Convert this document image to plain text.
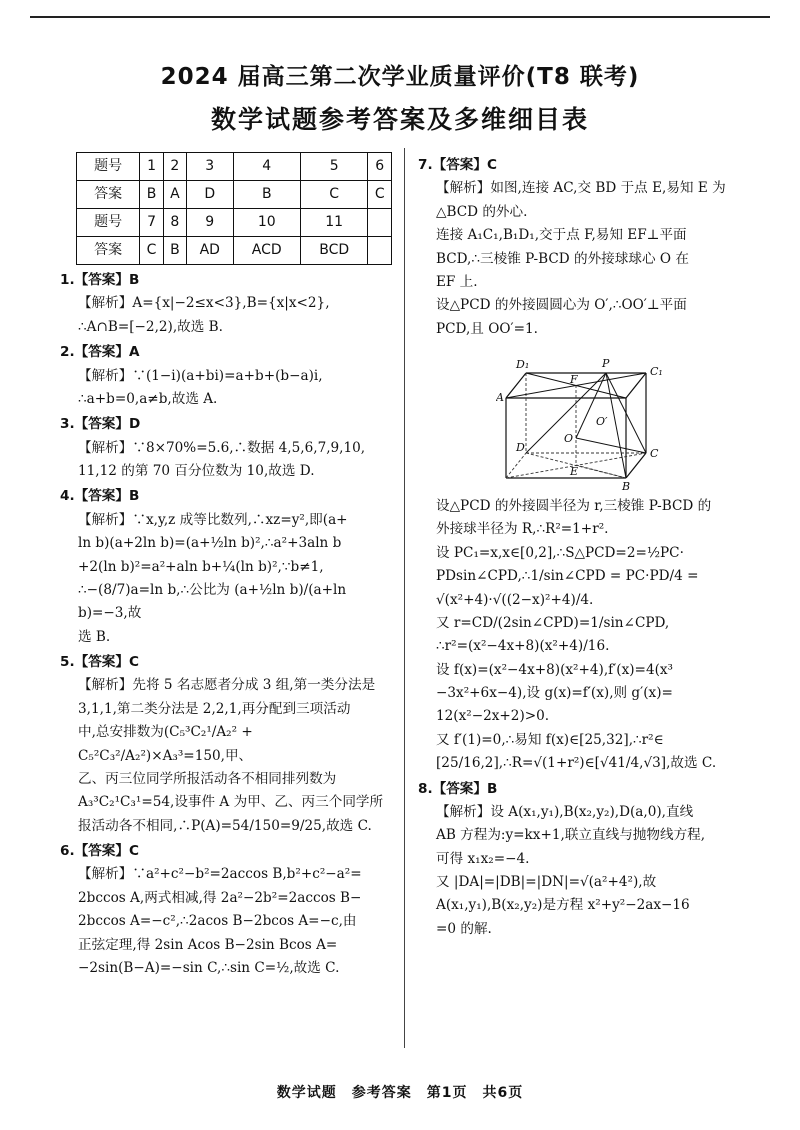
2024 届高三第二次学业质量评价(T8 联考)
数学试题参考答案及多维细目表
题号	1	2	3	4	5	6
答案	B	A	D	B	C	C
题号	7	8	9	10	11	
答案	C	B	AD	ACD	BCD	
1.【答案】B
【解析】A={x|−2≤x<3},B={x|x<2},
∴A∩B=[−2,2),故选 B.
2.【答案】A
【解析】∵(1−i)(a+bi)=a+b+(b−a)i,
∴a+b=0,a≠b,故选 A.
3.【答案】D
【解析】∵8×70%=5.6,∴数据 4,5,6,7,9,10,
11,12 的第 70 百分位数为 10,故选 D.
4.【答案】B
【解析】∵x,y,z 成等比数列,∴xz=y²,即(a+
ln b)(a+2ln b)=(a+½ln b)²,∴a²+3aln b
+2(ln b)²=a²+aln b+¼(ln b)²,∵b≠1,
∴−(8/7)a=ln b,∴公比为 (a+½ln b)/(a+ln b)=−3,故
选 B.
5.【答案】C
【解析】先将 5 名志愿者分成 3 组,第一类分法是
3,1,1,第二类分法是 2,2,1,再分配到三项活动
中,总安排数为(C₅³C₂¹/A₂² + C₅²C₃²/A₂²)×A₃³=150,甲、
乙、丙三位同学所报活动各不相同排列数为
A₃³C₂¹C₃¹=54,设事件 A 为甲、乙、丙三个同学所
报活动各不相同,∴P(A)=54/150=9/25,故选 C.
6.【答案】C
【解析】∵a²+c²−b²=2accos B,b²+c²−a²=
2bccos A,两式相减,得 2a²−2b²=2accos B−
2bccos A=−c²,∴2acos B−2bcos A=−c,由
正弦定理,得 2sin Acos B−2sin Bcos A=
−2sin(B−A)=−sin C,∴sin C=½,故选 C.
7.【答案】C
【解析】如图,连接 AC,交 BD 于点 E,易知 E 为
△BCD 的外心.
连接 A₁C₁,B₁D₁,交于点 F,易知 EF⊥平面
BCD,∴三棱锥 P-BCD 的外接球球心 O 在
EF 上.
设△PCD 的外接圆圆心为 O′,∴OO′⊥平面
PCD,且 OO′=1.
D₁	P
C₁
F
A
O′
O
D
E
C
B
设△PCD 的外接圆半径为 r,三棱锥 P-BCD 的
外接球半径为 R,∴R²=1+r².
设 PC₁=x,x∈[0,2],∴S△PCD=2=½PC·
PDsin∠CPD,∴1/sin∠CPD = PC·PD/4 =
√(x²+4)·√((2−x)²+4)/4.
又 r=CD/(2sin∠CPD)=1/sin∠CPD,
∴r²=(x²−4x+8)(x²+4)/16.
设 f(x)=(x²−4x+8)(x²+4),f′(x)=4(x³
−3x²+6x−4),设 g(x)=f′(x),则 g′(x)=
12(x²−2x+2)>0.
又 f′(1)=0,∴易知 f(x)∈[25,32],∴r²∈
[25/16,2],∴R=√(1+r²)∈[√41/4,√3],故选 C.
8.【答案】B
【解析】设 A(x₁,y₁),B(x₂,y₂),D(a,0),直线
AB 方程为:y=kx+1,联立直线与抛物线方程,
可得 x₁x₂=−4.
又 |DA|=|DB|=|DN|=√(a²+4²),故
A(x₁,y₁),B(x₂,y₂)是方程 x²+y²−2ax−16
=0 的解.
数学试题　参考答案　第1页　共6页
